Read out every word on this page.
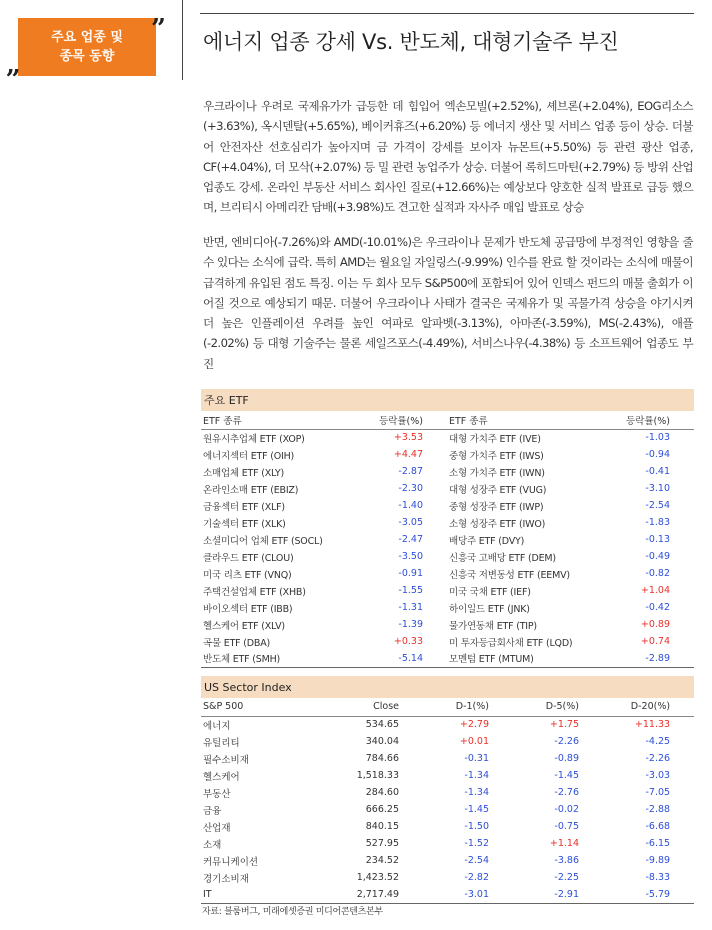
주요 업종 및
종목 동향
”
„
에너지 업종 강세 Vs. 반도체, 대형기술주 부진

우크라이나 우려로 국제유가가 급등한 데 힘입어 엑손모빌(+2.52%), 셰브론(+2.04%), EOG리소스(+3.63%), 옥시덴탈(+5.65%), 베이커휴즈(+6.20%) 등 에너지 생산 및 서비스 업종 등이 상승. 더불어 안전자산 선호심리가 높아지며 금 가격이 강세를 보이자 뉴몬트(+5.50%) 등 관련 광산 업종, CF(+4.04%), 더 모삭(+2.07%) 등 밀 관련 농업주가 상승. 더불어 록히드마틴(+2.79%) 등 방위 산업 업종도 강세. 온라인 부동산 서비스 회사인 질로(+12.66%)는 예상보다 양호한 실적 발표로 급등 했으며, 브리티시 아메리칸 담배(+3.98%)도 견고한 실적과 자사주 매입 발표로 상승

반면, 엔비디아(-7.26%)와 AMD(-10.01%)은 우크라이나 문제가 반도체 공급망에 부정적인 영향을 줄 수 있다는 소식에 급락. 특히 AMD는 월요일 자일링스(-9.99%) 인수를 완료 할 것이라는 소식에 매물이 급격하게 유입된 점도 특징. 이는 두 회사 모두 S&P500에 포함되어 있어 인덱스 펀드의 매물 출회가 이어질 것으로 예상되기 때문. 더불어 우크라이나 사태가 결국은 국제유가 및 곡물가격 상승을 야기시켜 더 높은 인플레이션 우려를 높인 여파로 알파벳(-3.13%), 아마존(-3.59%), MS(-2.43%), 애플(-2.02%) 등 대형 기술주는 물론 세일즈포스(-4.49%), 서비스나우(-4.38%) 등 소프트웨어 업종도 부진

주요 ETF			
ETF 종류	등락률(%)	ETF 종류	등락률(%)
원유시추업체 ETF (XOP)	+3.53	대형 가치주 ETF (IVE)	-1.03
에너지섹터 ETF (OIH)	+4.47	중형 가치주 ETF (IWS)	-0.94
소매업체 ETF (XLY)	-2.87	소형 가치주 ETF (IWN)	-0.41
온라인소매 ETF (EBIZ)	-2.30	대형 성장주 ETF (VUG)	-3.10
금융섹터 ETF (XLF)	-1.40	중형 성장주 ETF (IWP)	-2.54
기술섹터 ETF (XLK)	-3.05	소형 성장주 ETF (IWO)	-1.83
소셜미디어 업체 ETF (SOCL)	-2.47	배당주 ETF (DVY)	-0.13
클라우드 ETF (CLOU)	-3.50	신흥국 고배당 ETF (DEM)	-0.49
미국 리츠 ETF (VNQ)	-0.91	신흥국 저변동성 ETF (EEMV)	-0.82
주택건설업체 ETF (XHB)	-1.55	미국 국채 ETF (IEF)	+1.04
바이오섹터 ETF (IBB)	-1.31	하이일드 ETF (JNK)	-0.42
헬스케어 ETF (XLV)	-1.39	물가연동채 ETF (TIP)	+0.89
곡물 ETF (DBA)	+0.33	미 투자등급회사채 ETF (LQD)	+0.74
반도체 ETF (SMH)	-5.14	모멘텀 ETF (MTUM)	-2.89
US Sector Index				
S&P 500	Close	D-1(%)	D-5(%)	D-20(%)
에너지	534.65	+2.79	+1.75	+11.33
유틸리티	340.04	+0.01	-2.26	-4.25
필수소비재	784.66	-0.31	-0.89	-2.26
헬스케어	1,518.33	-1.34	-1.45	-3.03
부동산	284.60	-1.34	-2.76	-7.05
금융	666.25	-1.45	-0.02	-2.88
산업재	840.15	-1.50	-0.75	-6.68
소재	527.95	-1.52	+1.14	-6.15
커뮤니케이션	234.52	-2.54	-3.86	-9.89
경기소비재	1,423.52	-2.82	-2.25	-8.33
IT	2,717.49	-3.01	-2.91	-5.79
자료: 블룸버그, 미래에셋증권 미디어콘텐츠본부
